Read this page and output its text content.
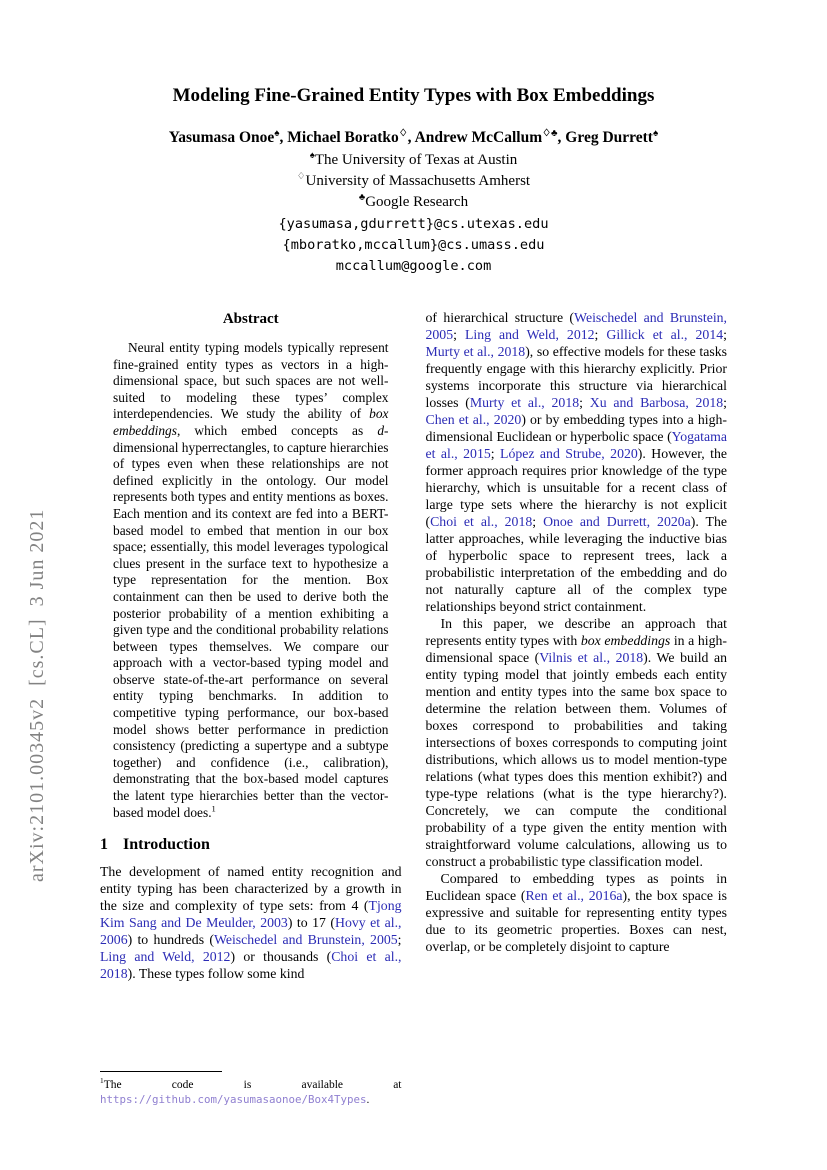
arXiv:2101.00345v2  [cs.CL]  3 Jun 2021
Modeling Fine-Grained Entity Types with Box Embeddings
Yasumasa Onoe♠, Michael Boratko♢, Andrew McCallum♢♣, Greg Durrett♠
♠The University of Texas at Austin
♢University of Massachusetts Amherst
♣Google Research
{yasumasa,gdurrett}@cs.utexas.edu
{mboratko,mccallum}@cs.umass.edu
mccallum@google.com
Abstract

Neural entity typing models typically represent fine-grained entity types as vectors in a high-dimensional space, but such spaces are not well-suited to modeling these types’ complex interdependencies. We study the ability of box embeddings, which embed concepts as d-dimensional hyperrectangles, to capture hierarchies of types even when these relationships are not defined explicitly in the ontology. Our model represents both types and entity mentions as boxes. Each mention and its context are fed into a BERT-based model to embed that mention in our box space; essentially, this model leverages typological clues present in the surface text to hypothesize a type representation for the mention. Box containment can then be used to derive both the posterior probability of a mention exhibiting a given type and the conditional probability relations between types themselves. We compare our approach with a vector-based typing model and observe state-of-the-art performance on several entity typing benchmarks. In addition to competitive typing performance, our box-based model shows better performance in prediction consistency (predicting a supertype and a subtype together) and confidence (i.e., calibration), demonstrating that the box-based model captures the latent type hierarchies better than the vector-based model does.$^1$

1 Introduction

The development of named entity recognition and entity typing has been characterized by a growth in the size and complexity of type sets: from 4 (Tjong Kim Sang and De Meulder, 2003) to 17 (Hovy et al., 2006) to hundreds (Weischedel and Brunstein, 2005; Ling and Weld, 2012) or thousands (Choi et al., 2018). These types follow some kind

$^1$The code is available at https://github.com/yasumasaonoe/Box4Types.

of hierarchical structure (Weischedel and Brunstein, 2005; Ling and Weld, 2012; Gillick et al., 2014; Murty et al., 2018), so effective models for these tasks frequently engage with this hierarchy explicitly. Prior systems incorporate this structure via hierarchical losses (Murty et al., 2018; Xu and Barbosa, 2018; Chen et al., 2020) or by embedding types into a high-dimensional Euclidean or hyperbolic space (Yogatama et al., 2015; López and Strube, 2020). However, the former approach requires prior knowledge of the type hierarchy, which is unsuitable for a recent class of large type sets where the hierarchy is not explicit (Choi et al., 2018; Onoe and Durrett, 2020a). The latter approaches, while leveraging the inductive bias of hyperbolic space to represent trees, lack a probabilistic interpretation of the embedding and do not naturally capture all of the complex type relationships beyond strict containment.

In this paper, we describe an approach that represents entity types with box embeddings in a high-dimensional space (Vilnis et al., 2018). We build an entity typing model that jointly embeds each entity mention and entity types into the same box space to determine the relation between them. Volumes of boxes correspond to probabilities and taking intersections of boxes corresponds to computing joint distributions, which allows us to model mention-type relations (what types does this mention exhibit?) and type-type relations (what is the type hierarchy?). Concretely, we can compute the conditional probability of a type given the entity mention with straightforward volume calculations, allowing us to construct a probabilistic type classification model.

Compared to embedding types as points in Euclidean space (Ren et al., 2016a), the box space is expressive and suitable for representing entity types due to its geometric properties. Boxes can nest, overlap, or be completely disjoint to capture
